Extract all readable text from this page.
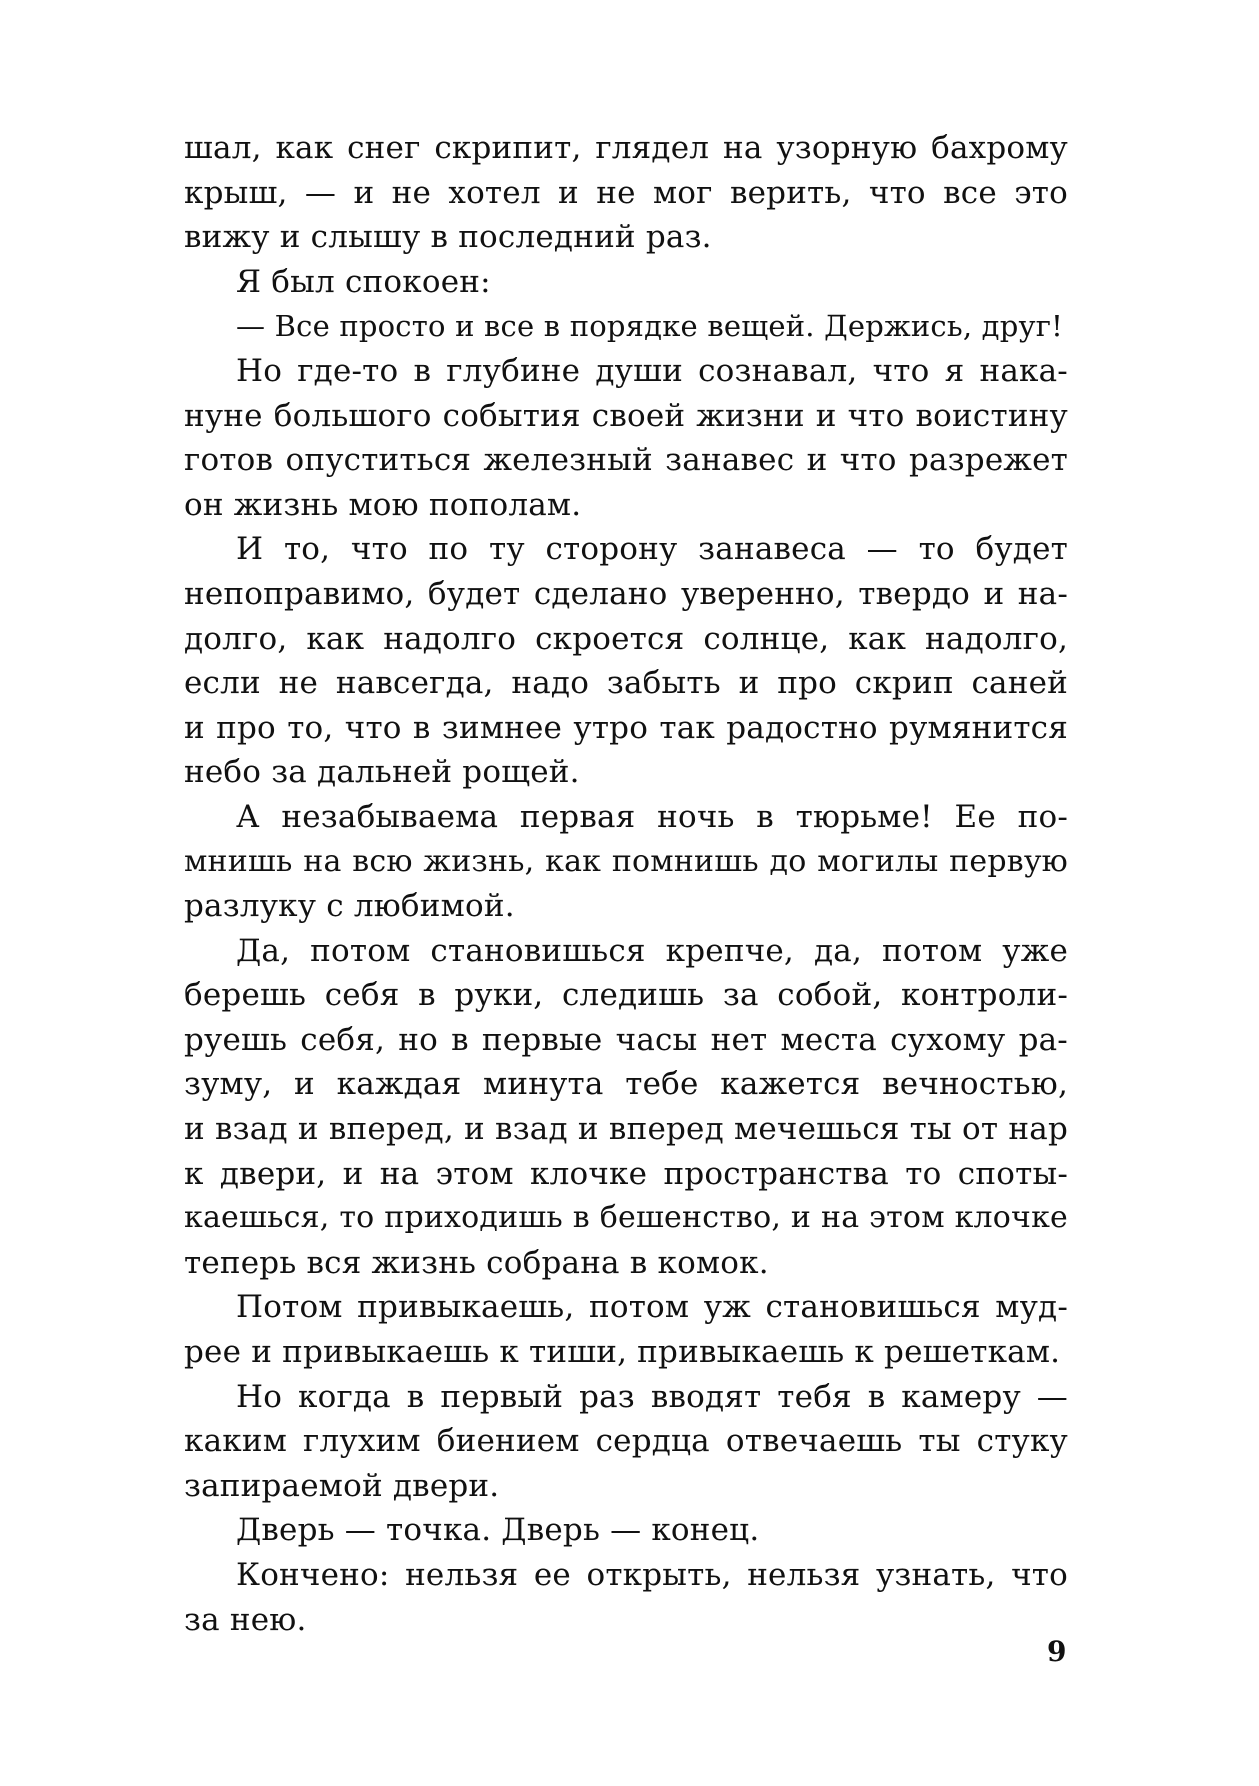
шал, как снег скрипит, глядел на узорную бахрому
крыш, — и не хотел и не мог верить, что все это
вижу и слышу в последний раз.
Я был спокоен:
— Все просто и все в порядке вещей. Держись, друг!
Но где-то в глубине души сознавал, что я нака-
нуне большого события своей жизни и что воистину
готов опуститься железный занавес и что разрежет
он жизнь мою пополам.
И то, что по ту сторону занавеса — то будет
непоправимо, будет сделано уверенно, твердо и на-
долго, как надолго скроется солнце, как надолго,
если не навсегда, надо забыть и про скрип саней
и про то, что в зимнее утро так радостно румянится
небо за дальней рощей.
А незабываема первая ночь в тюрьме! Ее по-
мнишь на всю жизнь, как помнишь до могилы первую
разлуку с любимой.
Да, потом становишься крепче, да, потом уже
берешь себя в руки, следишь за собой, контроли-
руешь себя, но в первые часы нет места сухому ра-
зуму, и каждая минута тебе кажется вечностью,
и взад и вперед, и взад и вперед мечешься ты от нар
к двери, и на этом клочке пространства то споты-
каешься, то приходишь в бешенство, и на этом клочке
теперь вся жизнь собрана в комок.
Потом привыкаешь, потом уж становишься муд-
рее и привыкаешь к тиши, привыкаешь к решеткам.
Но когда в первый раз вводят тебя в камеру —
каким глухим биением сердца отвечаешь ты стуку
запираемой двери.
Дверь — точка. Дверь — конец.
Кончено: нельзя ее открыть, нельзя узнать, что
за нею.
9
